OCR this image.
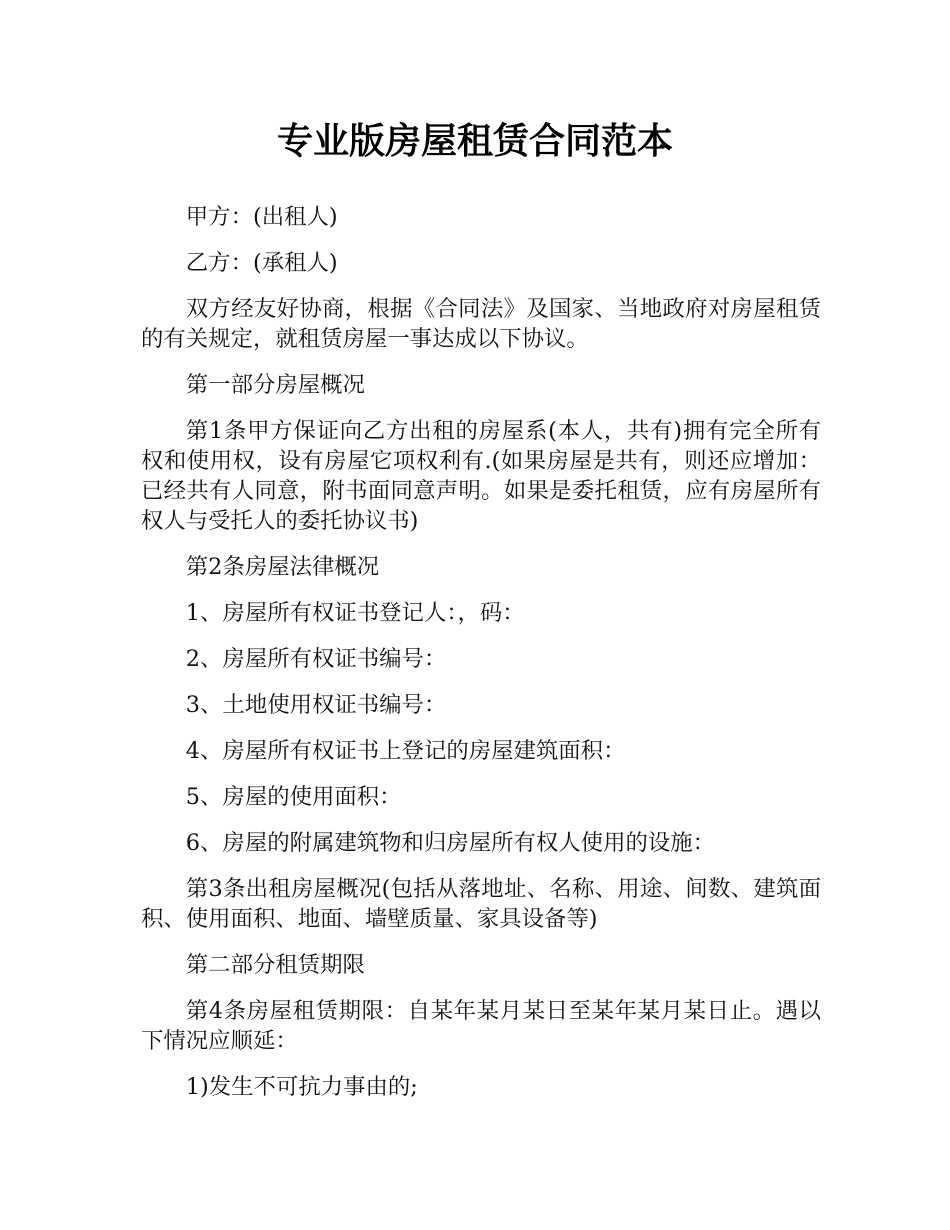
专业版房屋租赁合同范本

甲方：(出租人)

乙方：(承租人)

双方经友好协商，根据《合同法》及国家、当地政府对房屋租赁的有关规定，就租赁房屋一事达成以下协议。

第一部分房屋概况

第1条甲方保证向乙方出租的房屋系(本人，共有)拥有完全所有权和使用权，设有房屋它项权利有.(如果房屋是共有，则还应增加：已经共有人同意，附书面同意声明。如果是委托租赁，应有房屋所有权人与受托人的委托协议书)

第2条房屋法律概况

1、房屋所有权证书登记人：，码：

2、房屋所有权证书编号：

3、土地使用权证书编号：

4、房屋所有权证书上登记的房屋建筑面积：

5、房屋的使用面积：

6、房屋的附属建筑物和归房屋所有权人使用的设施：

第3条出租房屋概况(包括从落地址、名称、用途、间数、建筑面积、使用面积、地面、墙壁质量、家具设备等)

第二部分租赁期限

第4条房屋租赁期限：自某年某月某日至某年某月某日止。遇以下情况应顺延：

1)发生不可抗力事由的;
